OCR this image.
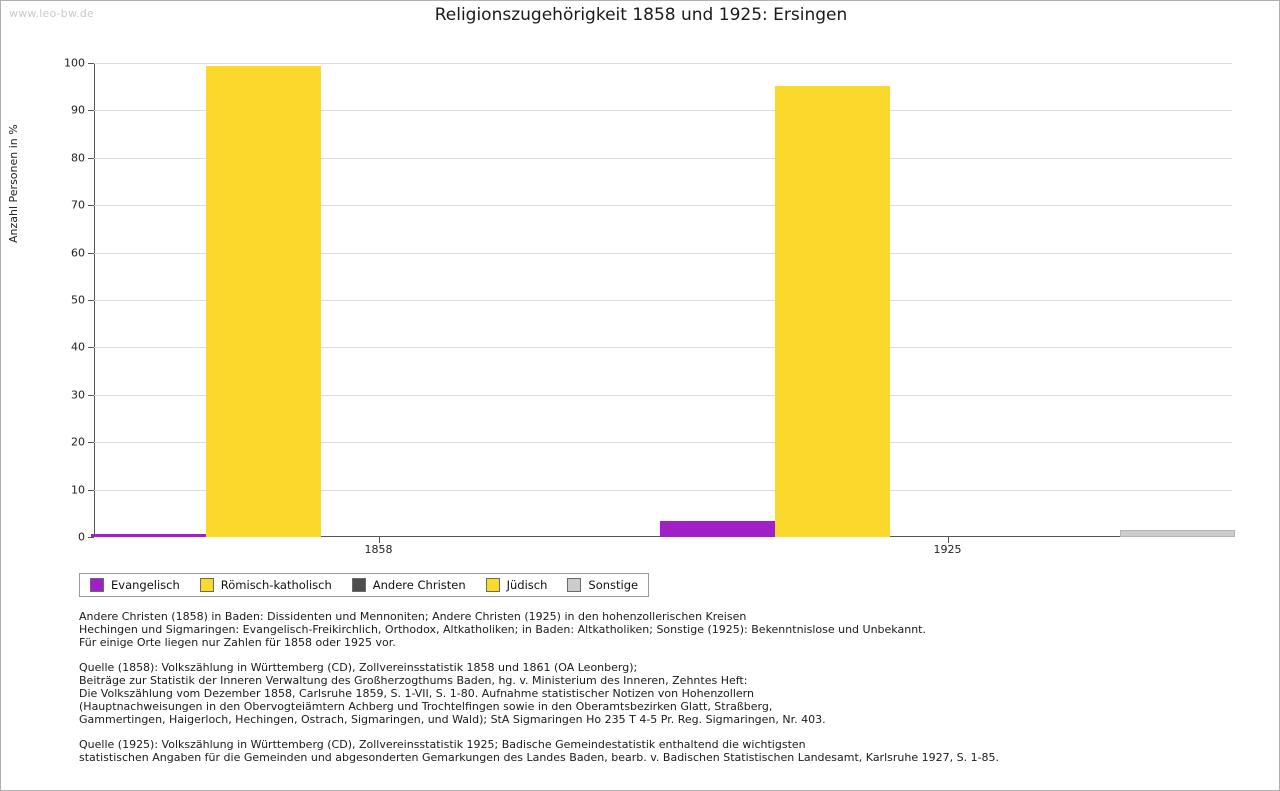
www.leo-bw.de	Religionszugehörigkeit 1858 und 1925: Ersingen
Anzahl Personen in %
0
10
20
30
40
50
60
70
80
90
100
1858	1925
Evangelisch	Römisch-katholisch	Andere Christen	Jüdisch	Sonstige

Andere Christen (1858) in Baden: Dissidenten und Mennoniten; Andere Christen (1925) in den hohenzollerischen Kreisen
Hechingen und Sigmaringen: Evangelisch-Freikirchlich, Orthodox, Altkatholiken; in Baden: Altkatholiken; Sonstige (1925): Bekenntnislose und Unbekannt.
Für einige Orte liegen nur Zahlen für 1858 oder 1925 vor.

Quelle (1858): Volkszählung in Württemberg (CD), Zollvereinsstatistik 1858 und 1861 (OA Leonberg);
Beiträge zur Statistik der Inneren Verwaltung des Großherzogthums Baden, hg. v. Ministerium des Inneren, Zehntes Heft:
Die Volkszählung vom Dezember 1858, Carlsruhe 1859, S. 1-VII, S. 1-80. Aufnahme statistischer Notizen von Hohenzollern
(Hauptnachweisungen in den Obervogteiämtern Achberg und Trochtelfingen sowie in den Oberamtsbezirken Glatt, Straßberg,
Gammertingen, Haigerloch, Hechingen, Ostrach, Sigmaringen, und Wald); StA Sigmaringen Ho 235 T 4-5 Pr. Reg. Sigmaringen, Nr. 403.

Quelle (1925): Volkszählung in Württemberg (CD), Zollvereinsstatistik 1925; Badische Gemeindestatistik enthaltend die wichtigsten
statistischen Angaben für die Gemeinden und abgesonderten Gemarkungen des Landes Baden, bearb. v. Badischen Statistischen Landesamt, Karlsruhe 1927, S. 1-85.
